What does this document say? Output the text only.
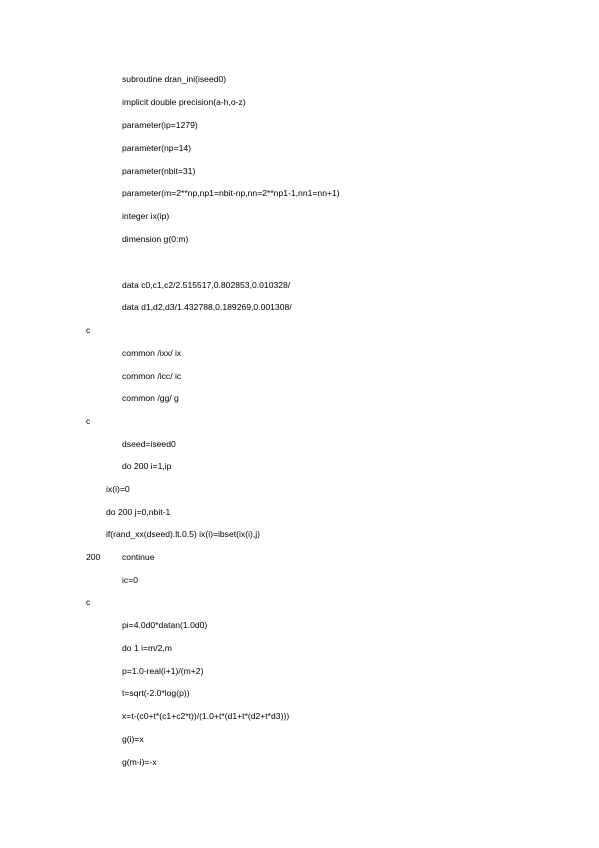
subroutine dran_ini(iseed0)
implicit double precision(a-h,o-z)
parameter(ip=1279)
parameter(np=14)
parameter(nbit=31)
parameter(m=2**np,np1=nbit-np,nn=2**np1-1,nn1=nn+1)
integer ix(ip)
dimension g(0:m)
data c0,c1,c2/2.515517,0.802853,0.010328/
data d1,d2,d3/1.432788,0.189269,0.001308/
c
common /ixx/ ix
common /icc/ ic
common /gg/ g
c
dseed=iseed0
do 200 i=1,ip
ix(i)=0
do 200 j=0,nbit-1
if(rand_xx(dseed).lt.0.5) ix(i)=ibset(ix(i),j)
200	continue
ic=0
c
pi=4.0d0*datan(1.0d0)
do 1 i=m/2,m
p=1.0-real(i+1)/(m+2)
t=sqrt(-2.0*log(p))
x=t-(c0+t*(c1+c2*t))/(1.0+t*(d1+t*(d2+t*d3)))
g(i)=x
g(m-i)=-x
